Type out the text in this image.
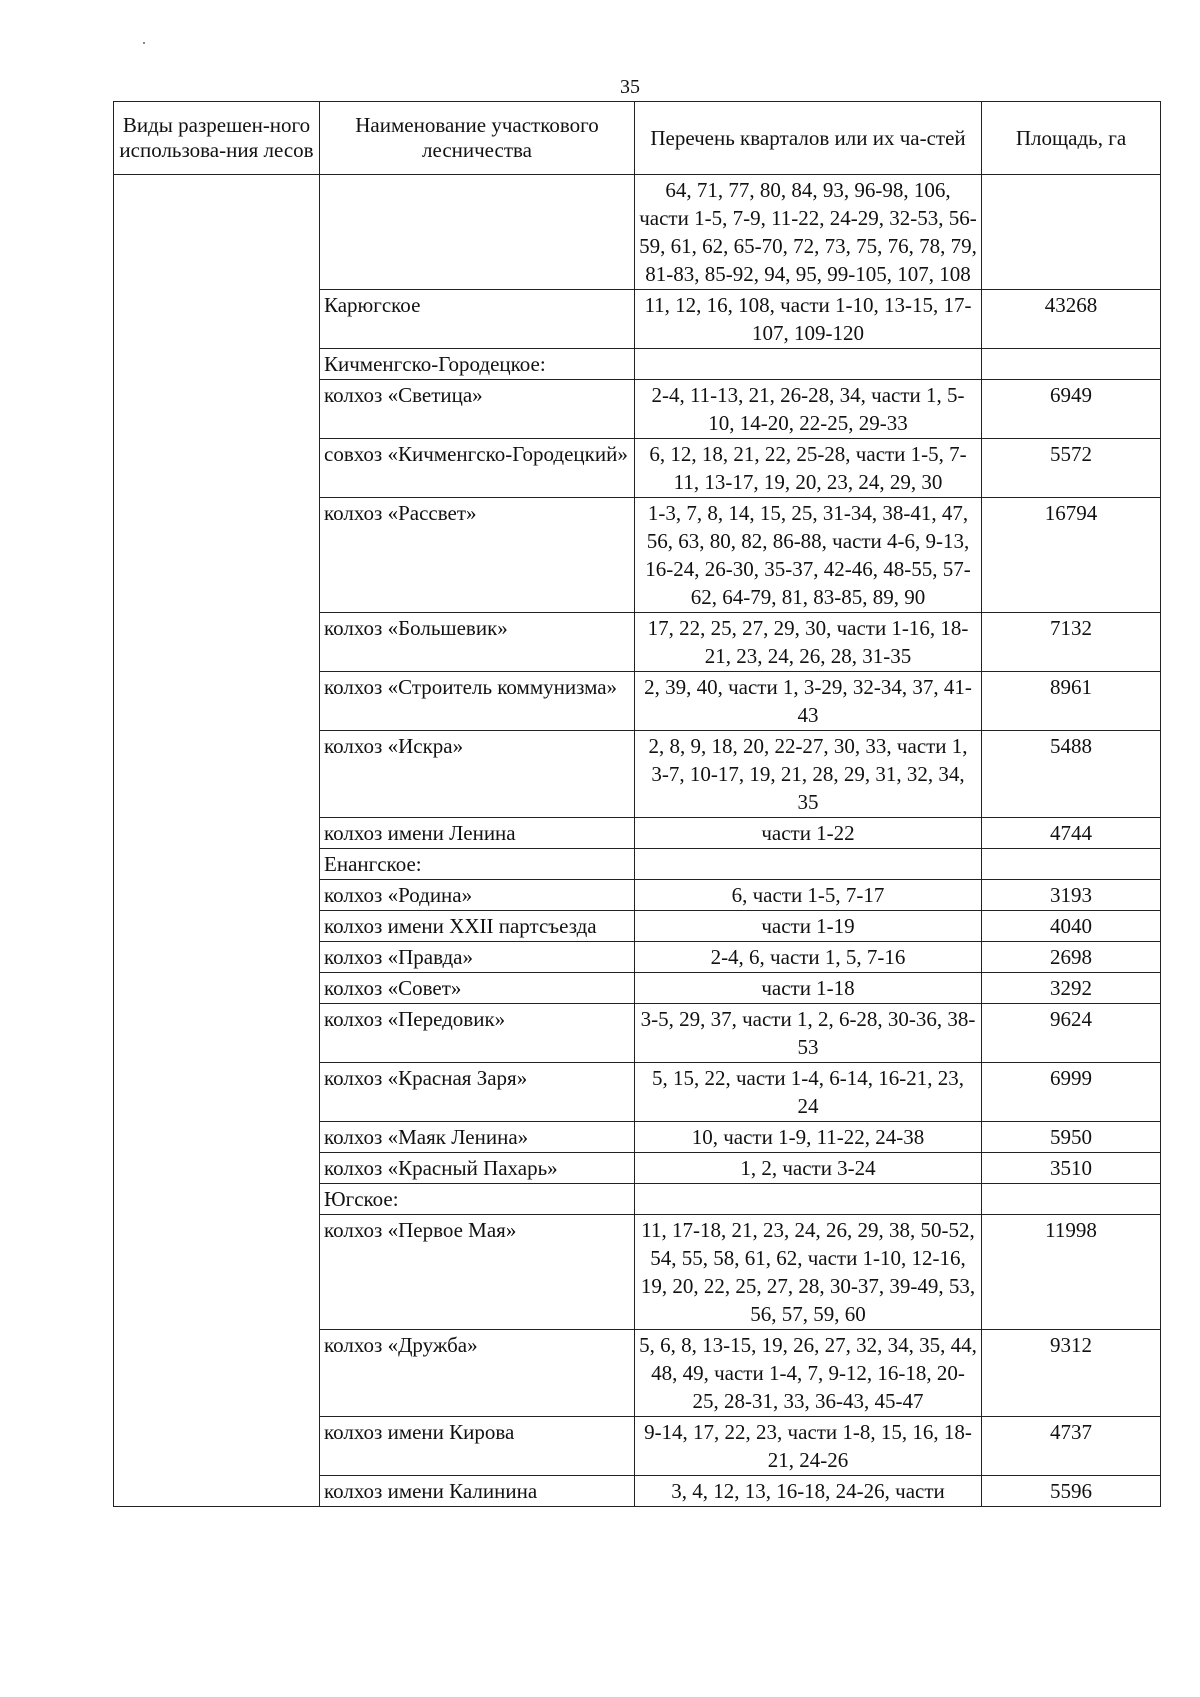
35
Виды разрешен-ного использова-ния лесов	Наименование участкового лесничества	Перечень кварталов или их ча-стей	Площадь, га
		64, 71, 77, 80, 84, 93, 96-98, 106, части 1-5, 7-9, 11-22, 24-29, 32-53, 56-59, 61, 62, 65-70, 72, 73, 75, 76, 78, 79, 81-83, 85-92, 94, 95, 99-105, 107, 108	
	Карюгское	11, 12, 16, 108, части 1-10, 13-15, 17-107, 109-120	43268
	Кичменгско-Городецкое:		
	колхоз «Светица»	2-4, 11-13, 21, 26-28, 34, части 1, 5-10, 14-20, 22-25, 29-33	6949
	совхоз «Кичменгско-Городецкий»	6, 12, 18, 21, 22, 25-28, части 1-5, 7-11, 13-17, 19, 20, 23, 24, 29, 30	5572
	колхоз «Рассвет»	1-3, 7, 8, 14, 15, 25, 31-34, 38-41, 47, 56, 63, 80, 82, 86-88, части 4-6, 9-13, 16-24, 26-30, 35-37, 42-46, 48-55, 57-62, 64-79, 81, 83-85, 89, 90	16794
	колхоз «Большевик»	17, 22, 25, 27, 29, 30, части 1-16, 18-21, 23, 24, 26, 28, 31-35	7132
	колхоз «Строитель коммунизма»	2, 39, 40, части 1, 3-29, 32-34, 37, 41-43	8961
	колхоз «Искра»	2, 8, 9, 18, 20, 22-27, 30, 33, части 1, 3-7, 10-17, 19, 21, 28, 29, 31, 32, 34, 35	5488
	колхоз имени Ленина	части 1-22	4744
	Енангское:		
	колхоз «Родина»	6, части 1-5, 7-17	3193
	колхоз имени XXII партсъезда	части 1-19	4040
	колхоз «Правда»	2-4, 6, части 1, 5, 7-16	2698
	колхоз «Совет»	части 1-18	3292
	колхоз «Передовик»	3-5, 29, 37, части 1, 2, 6-28, 30-36, 38-53	9624
	колхоз «Красная Заря»	5, 15, 22, части 1-4, 6-14, 16-21, 23, 24	6999
	колхоз «Маяк Ленина»	10, части 1-9, 11-22, 24-38	5950
	колхоз «Красный Пахарь»	1, 2, части 3-24	3510
	Югское:		
	колхоз «Первое Мая»	11, 17-18, 21, 23, 24, 26, 29, 38, 50-52, 54, 55, 58, 61, 62, части 1-10, 12-16, 19, 20, 22, 25, 27, 28, 30-37, 39-49, 53, 56, 57, 59, 60	11998
	колхоз «Дружба»	5, 6, 8, 13-15, 19, 26, 27, 32, 34, 35, 44, 48, 49, части 1-4, 7, 9-12, 16-18, 20-25, 28-31, 33, 36-43, 45-47	9312
	колхоз имени Кирова	9-14, 17, 22, 23, части 1-8, 15, 16, 18-21, 24-26	4737
	колхоз имени Калинина	3, 4, 12, 13, 16-18, 24-26, части	5596
